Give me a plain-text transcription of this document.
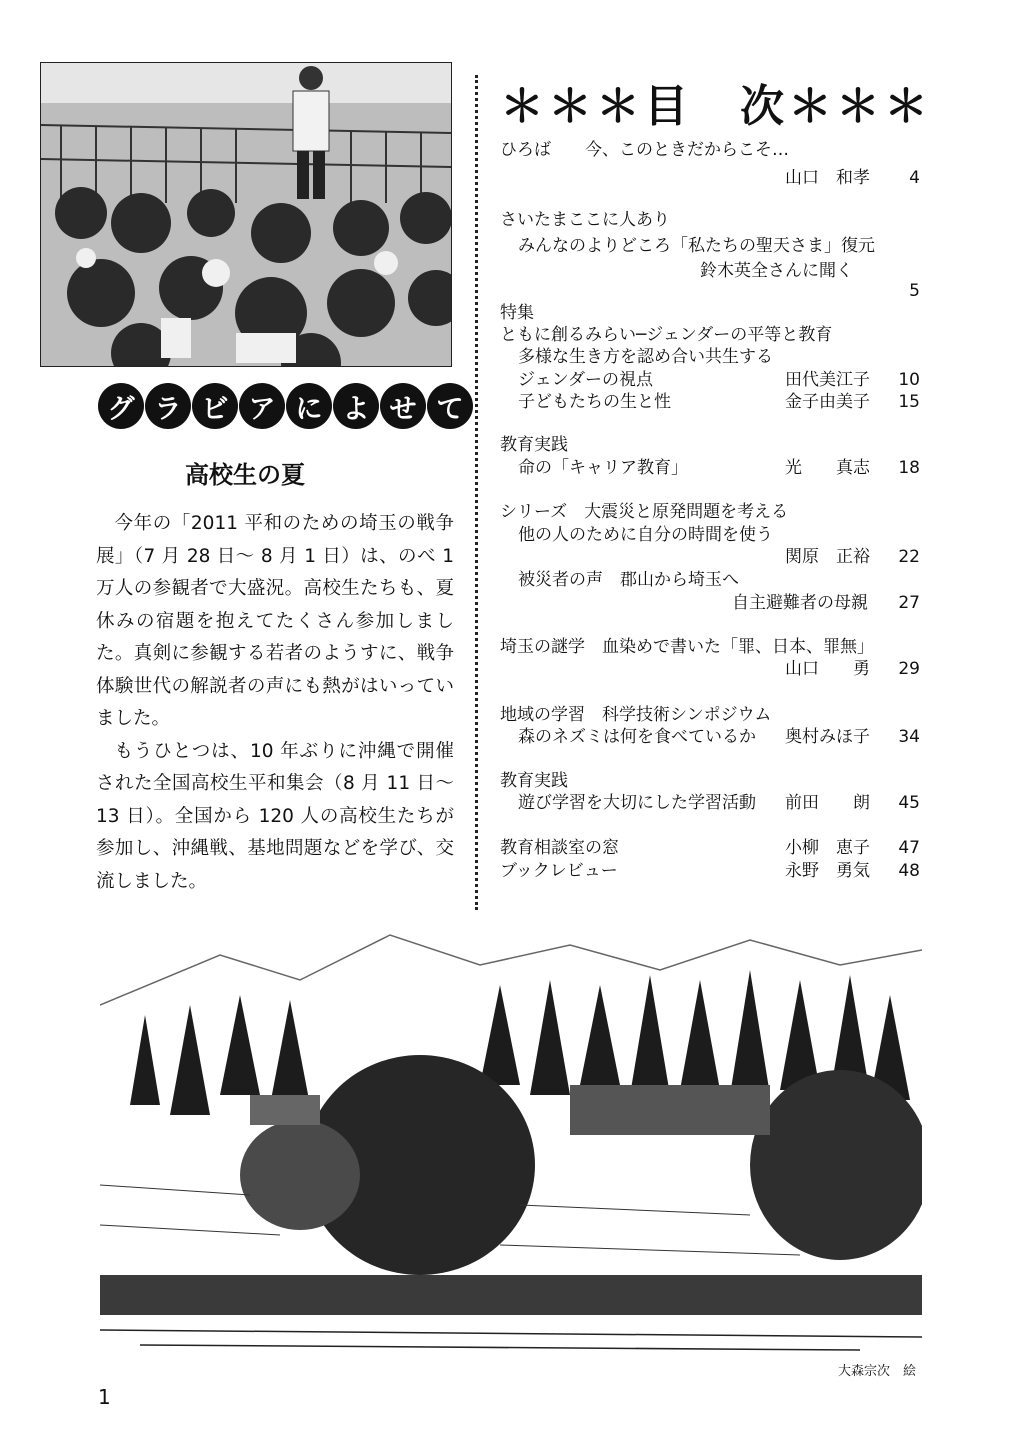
グ ラ ビ ア に よ せ て
高校生の夏

今年の「2011 平和のための埼玉の戦争展」（7 月 28 日～ 8 月 1 日）は、のべ 1 万人の参観者で大盛況。高校生たちも、夏休みの宿題を抱えてたくさん参加しました。真剣に参観する若者のようすに、戦争体験世代の解説者の声にも熱がはいっていました。

もうひとつは、10 年ぶりに沖縄で開催された全国高校生平和集会（8 月 11 日～ 13 日）。全国から 120 人の高校生たちが参加し、沖縄戦、基地問題などを学び、交流しました。

＊＊＊目　次＊＊＊
ひろば　　今、このときだからこそ…
山口　和孝 4
さいたまここに人あり
みんなのよりどころ「私たちの聖天さま」復元
鈴木英全さんに聞く
5
特集
ともに創るみらい─ジェンダーの平等と教育
多様な生き方を認め合い共生する
ジェンダーの視点	田代美江子 10
子どもたちの生と性	金子由美子 15
教育実践
命の「キャリア教育」	光　　真志 18
シリーズ　大震災と原発問題を考える
他の人のために自分の時間を使う
関原　正裕 22
被災者の声　郡山から埼玉へ
自主避難者の母親 27
埼玉の謎学　血染めで書いた「罪、日本、罪無」
山口　　勇 29
地域の学習　科学技術シンポジウム
森のネズミは何を食べているか 奥村みほ子 34
教育実践
遊び学習を大切にした学習活動 前田　　朗 45
教育相談室の窓	小柳　恵子 47
ブックレビュー	永野　勇気 48
大森宗次　絵
1
